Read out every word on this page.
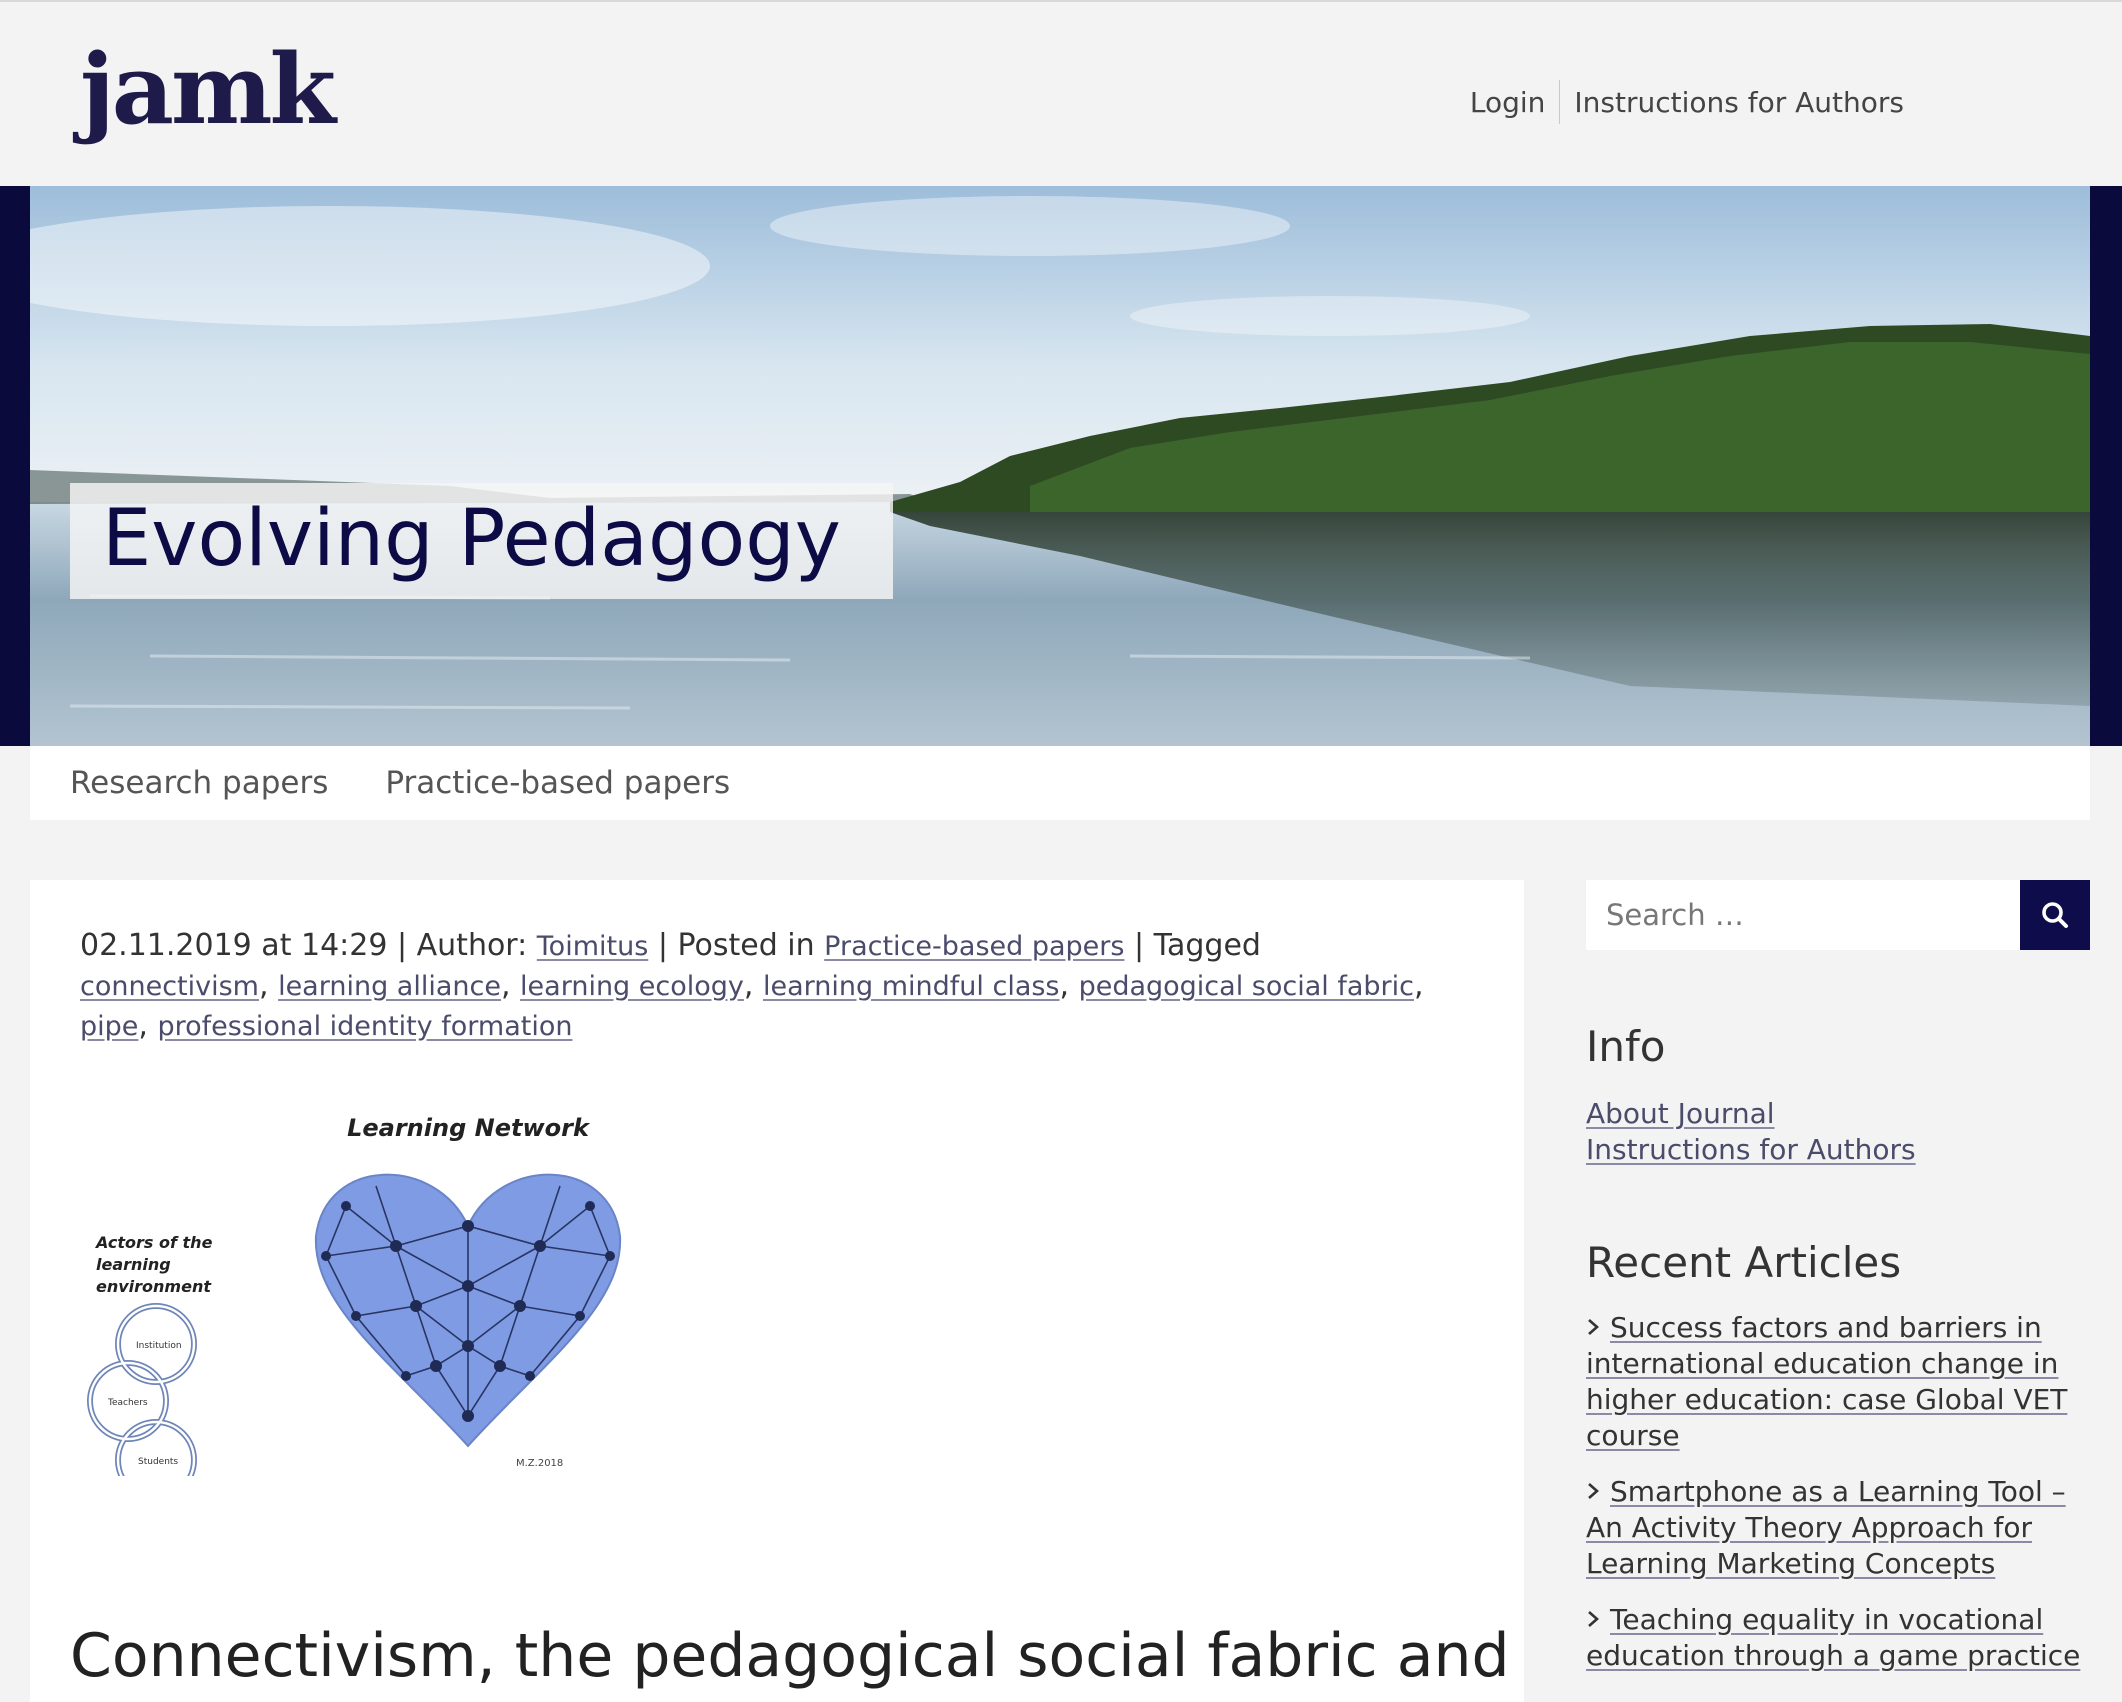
jamk	Login	Instructions for Authors
Evolving Pedagogy
Research papers Practice-based papers
02.11.2019 at 14:29 | Author: Toimitus | Posted in Practice-based papers | Tagged connectivism, learning alliance, learning ecology, learning mindful class, pedagogical social fabric, pipe, professional identity formation
Learning Network
M.Z.2018
Actors of the
learning
environment
Institution
Teachers
Students
Connectivism, the pedagogical social fabric and
Search …
Info
About Journal
Instructions for Authors
Recent Articles
Success factors and barriers in international education change in higher education: case Global VET course
Smartphone as a Learning Tool – An Activity Theory Approach for Learning Marketing Concepts
Teaching equality in vocational education through a game practice
